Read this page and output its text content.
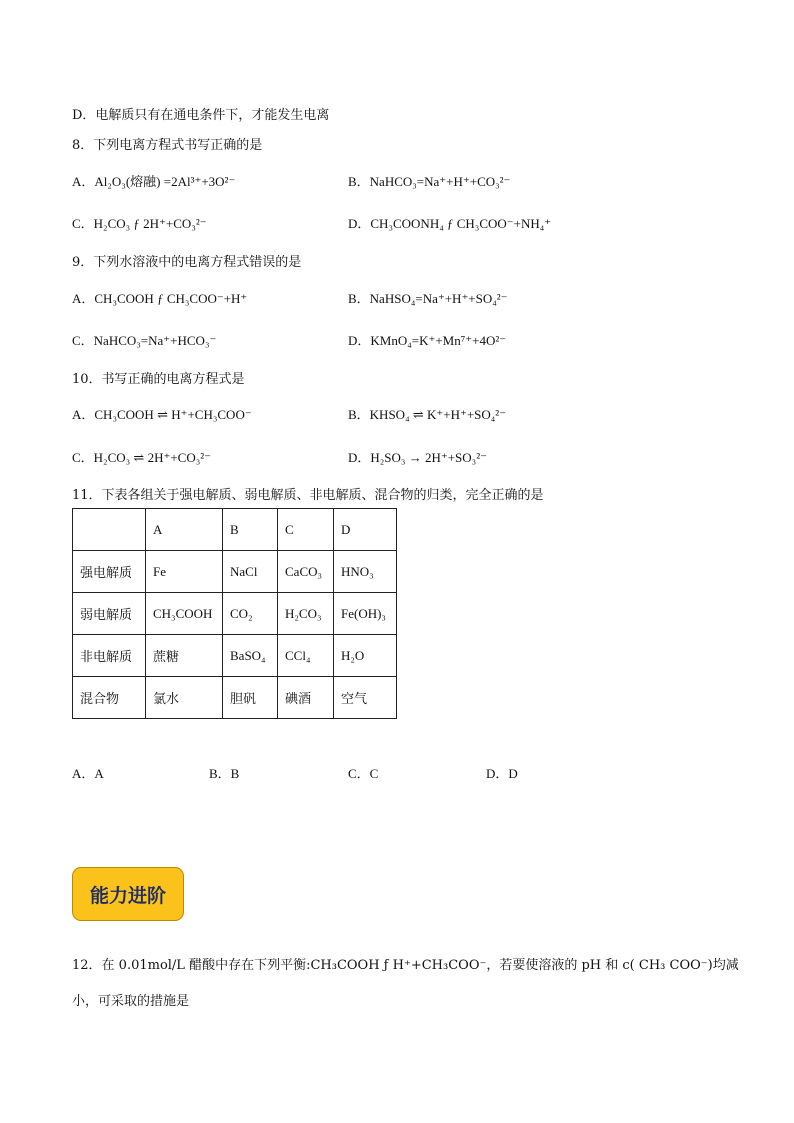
D．电解质只有在通电条件下，才能发生电离
8．下列电离方程式书写正确的是
A．Al₂O₃(熔融) =2Al³⁺+3O²⁻	B．NaHCO₃=Na⁺+H⁺+CO₃²⁻
C．H₂CO₃ ƒ 2H⁺+CO₃²⁻	D．CH₃COONH₄ ƒ CH₃COO⁻+NH₄⁺
9．下列水溶液中的电离方程式错误的是
A．CH₃COOH ƒ CH₃COO⁻+H⁺	B．NaHSO₄=Na⁺+H⁺+SO₄²⁻
C．NaHCO₃=Na⁺+HCO₃⁻	D．KMnO₄=K⁺+Mn⁷⁺+4O²⁻
10．书写正确的电离方程式是
A．CH₃COOH ⇌ H⁺+CH₃COO⁻	B．KHSO₄ ⇌ K⁺+H⁺+SO₄²⁻
C．H₂CO₃ ⇌ 2H⁺+CO₃²⁻	D．H₂SO₃ → 2H⁺+SO₃²⁻
11．下表各组关于强电解质、弱电解质、非电解质、混合物的归类，完全正确的是
	A	B	C	D
强电解质	Fe	NaCl	CaCO₃	HNO₃
弱电解质	CH₃COOH	CO₂	H₂CO₃	Fe(OH)₃
非电解质	蔗糖	BaSO₄	CCl₄	H₂O
混合物	氯水	胆矾	碘酒	空气
A．A	B．B	C．C	D．D
能力进阶
12．在 0.01mol/L 醋酸中存在下列平衡:CH₃COOH ƒ H⁺+CH₃COO⁻，若要使溶液的 pH 和 c( CH₃ COO⁻)均减
小，可采取的措施是
